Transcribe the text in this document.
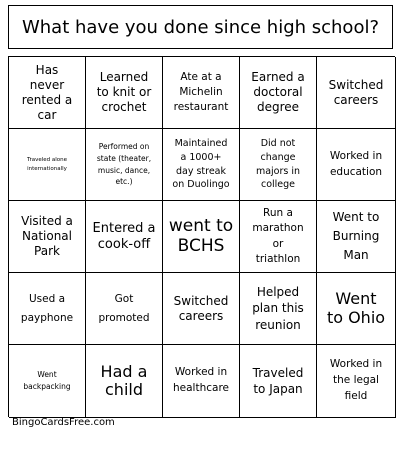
What have you done since high school?
Has never rented a car
Learned to knit or crochet
Ate at a Michelin restaurant
Earned a doctoral degree
Switched careers
Traveled alone internationally
Performed on state (theater, music, dance, etc.)
Maintained a 1000+ day streak on Duolingo
Did not change majors in college
Worked in education
Visited a National Park
Entered a cook-off
went to BCHS
Run a marathon or triathlon
Went to Burning Man
Used a payphone
Got promoted
Switched careers
Helped plan this reunion
Went to Ohio
Went backpacking
Had a child
Worked in healthcare
Traveled to Japan
Worked in the legal field
BingoCardsFree.com
